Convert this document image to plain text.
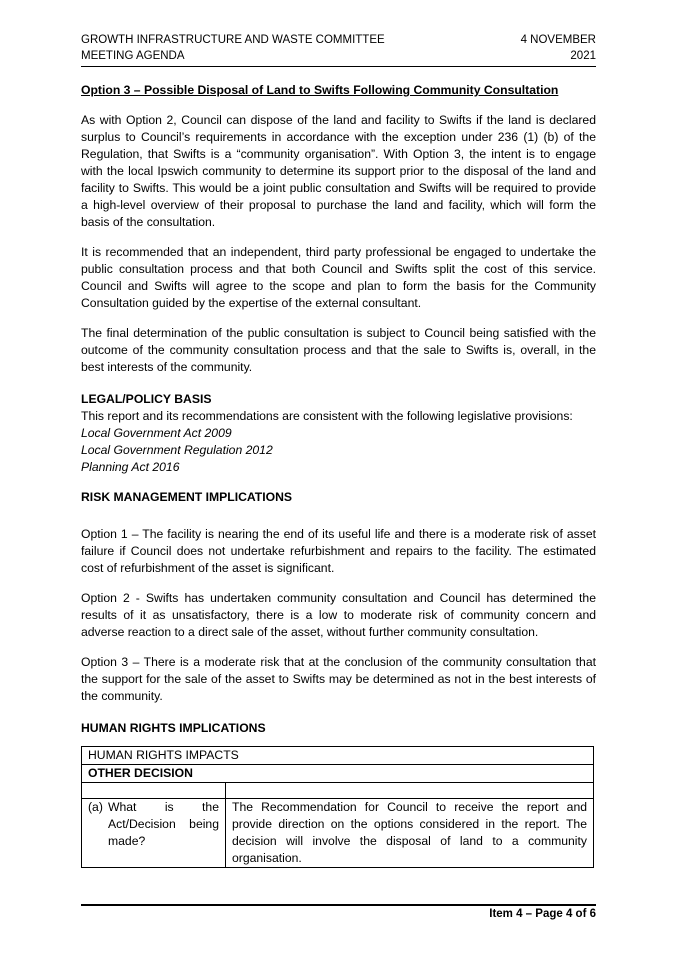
GROWTH INFRASTRUCTURE AND WASTE COMMITTEE
MEETING AGENDA
4 NOVEMBER
2021

Option 3 – Possible Disposal of Land to Swifts Following Community Consultation

As with Option 2, Council can dispose of the land and facility to Swifts if the land is declared surplus to Council’s requirements in accordance with the exception under 236 (1) (b) of the Regulation, that Swifts is a “community organisation”. With Option 3, the intent is to engage with the local Ipswich community to determine its support prior to the disposal of the land and facility to Swifts. This would be a joint public consultation and Swifts will be required to provide a high-level overview of their proposal to purchase the land and facility, which will form the basis of the consultation.

It is recommended that an independent, third party professional be engaged to undertake the public consultation process and that both Council and Swifts split the cost of this service. Council and Swifts will agree to the scope and plan to form the basis for the Community Consultation guided by the expertise of the external consultant.

The final determination of the public consultation is subject to Council being satisfied with the outcome of the community consultation process and that the sale to Swifts is, overall, in the best interests of the community.

LEGAL/POLICY BASIS

This report and its recommendations are consistent with the following legislative provisions:

Local Government Act 2009

Local Government Regulation 2012

Planning Act 2016

RISK MANAGEMENT IMPLICATIONS

Option 1 – The facility is nearing the end of its useful life and there is a moderate risk of asset failure if Council does not undertake refurbishment and repairs to the facility. The estimated cost of refurbishment of the asset is significant.

Option 2 - Swifts has undertaken community consultation and Council has determined the results of it as unsatisfactory, there is a low to moderate risk of community concern and adverse reaction to a direct sale of the asset, without further community consultation.

Option 3 – There is a moderate risk that at the conclusion of the community consultation that the support for the sale of the asset to Swifts may be determined as not in the best interests of the community.

HUMAN RIGHTS IMPLICATIONS

HUMAN RIGHTS IMPACTS	
OTHER DECISION	

(a) What is the Act/Decision being made?	The Recommendation for Council to receive the report and provide direction on the options considered in the report. The decision will involve the disposal of land to a community organisation.
Item 4 – Page 4 of 6
